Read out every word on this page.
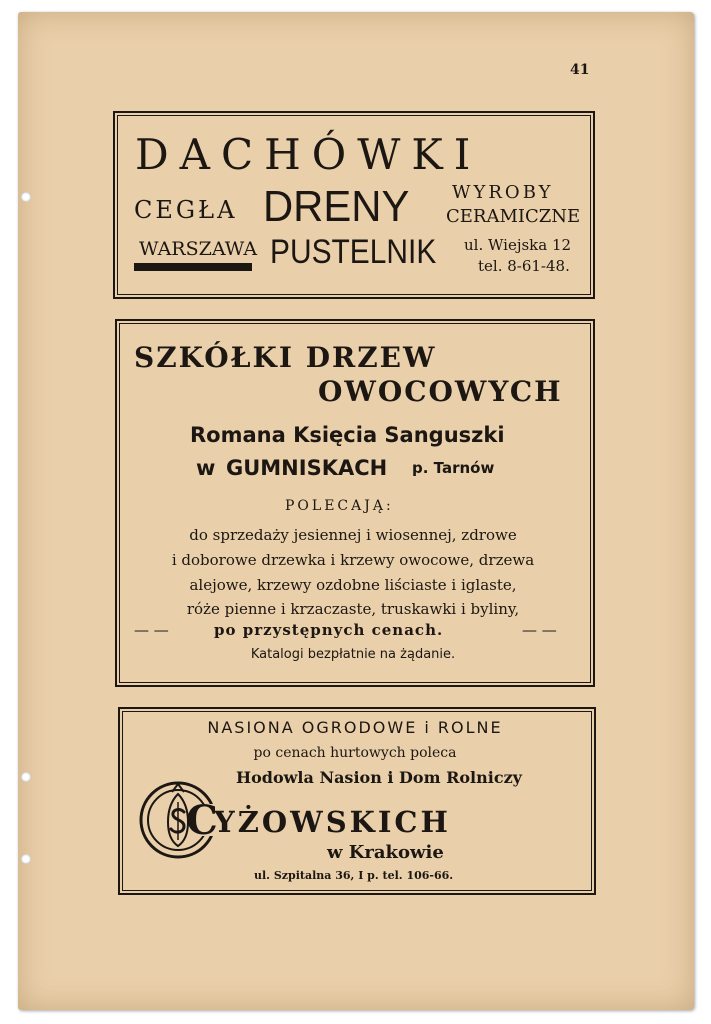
41
DACHÓWKI
CEGŁA DRENY WYROBY
CERAMICZNE
WARSZAWA PUSTELNIK ul. Wiejska 12
tel. 8-61-48.
SZKÓŁKI DRZEW
OWOCOWYCH
Romana Księcia Sanguszki
w GUMNISKACH p. Tarnów
POLECAJĄ:
do sprzedaży jesiennej i wiosennej, zdrowe
i doborowe drzewka i krzewy owocowe, drzewa
alejowe, krzewy ozdobne liściaste i iglaste,
róże pienne i krzaczaste, truskawki i byliny,
— —	po przystępnych cenach.	— —
Katalogi bezpłatnie na żądanie.
NASIONA OGRODOWE i ROLNE
po cenach hurtowych poleca
Hodowla Nasion i Dom Rolniczy
C
YŻOWSKICH
w Krakowie
ul. Szpitalna 36, I p. tel. 106-66.
